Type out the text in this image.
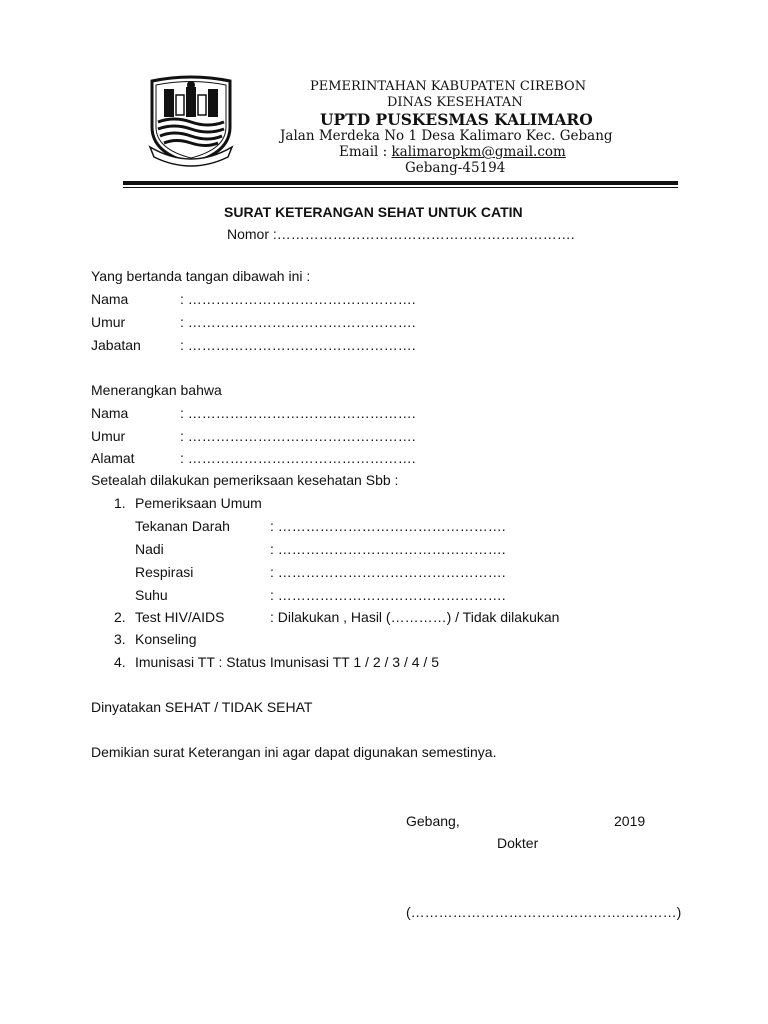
PEMERINTAHAN KABUPATEN CIREBON
DINAS KESEHATAN
UPTD PUSKESMAS KALIMARO
Jalan Merdeka No 1 Desa Kalimaro Kec. Gebang
Email : kalimaropkm@gmail.com
Gebang-45194
SURAT KETERANGAN SEHAT UNTUK CATIN
Nomor :……………………………………………………….
Yang bertanda tangan dibawah ini :
Nama	: ………………………………………….
Umur	: ………………………………………….
Jabatan	: ………………………………………….
Menerangkan bahwa
Nama	: ………………………………………….
Umur	: ………………………………………….
Alamat	: ………………………………………….
Setealah dilakukan pemeriksaan kesehatan Sbb :
1. Pemeriksaan Umum
Tekanan Darah	: ………………………………………….
Nadi	: ………………………………………….
Respirasi	: ………………………………………….
Suhu	: ………………………………………….
2. Test HIV/AIDS	: Dilakukan , Hasil (…………) / Tidak dilakukan
3. Konseling
4. Imunisasi TT : Status Imunisasi TT 1 / 2 / 3 / 4 / 5
Dinyatakan SEHAT / TIDAK SEHAT
Demikian surat Keterangan ini agar dapat digunakan semestinya.
Gebang,	2019
Dokter
(…………………………………………………)
